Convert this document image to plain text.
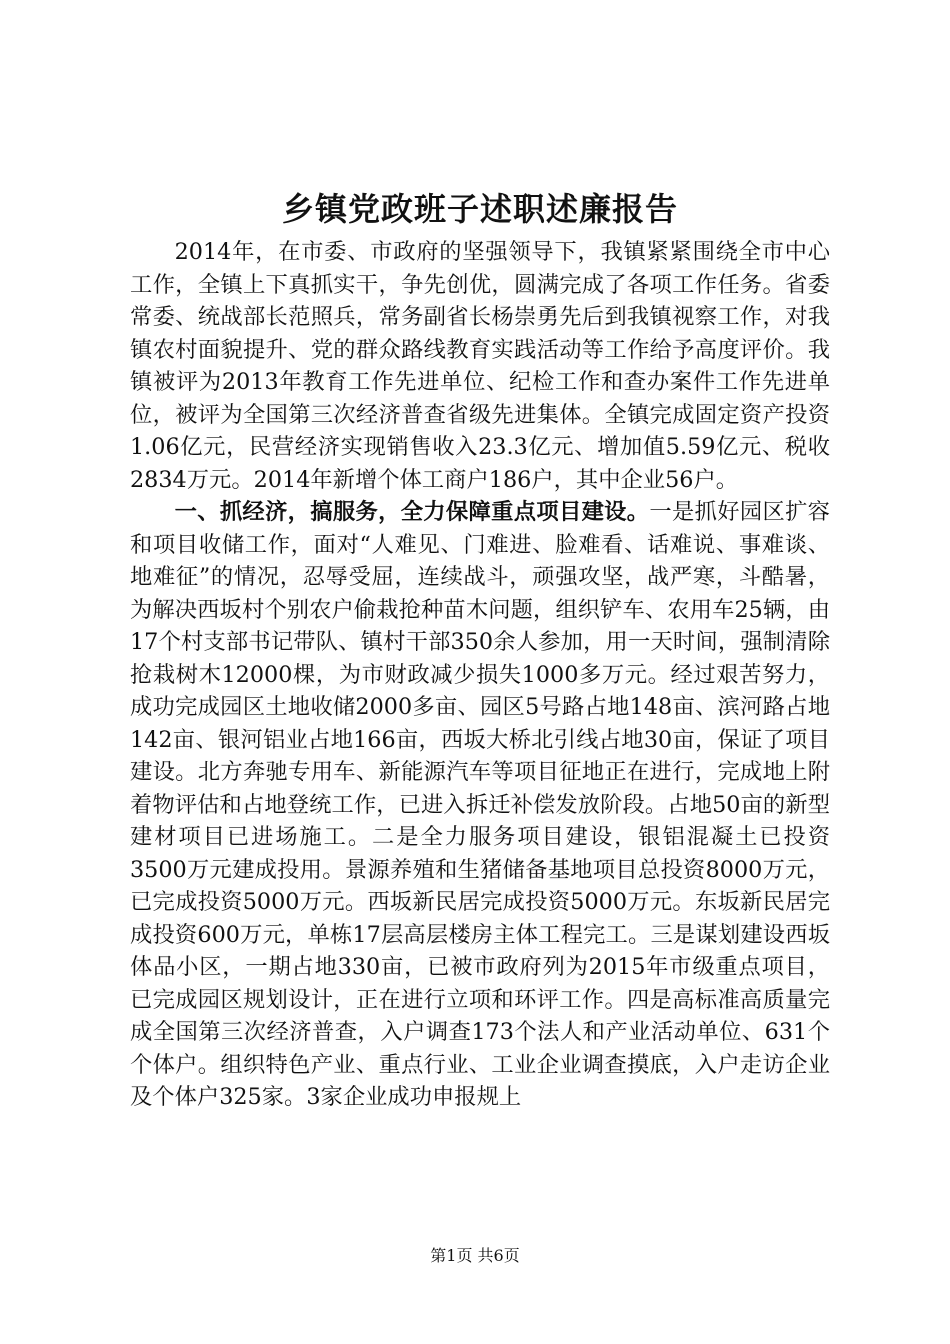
乡镇党政班子述职述廉报告

2014年，在市委、市政府的坚强领导下，我镇紧紧围绕全市中心工作，全镇上下真抓实干，争先创优，圆满完成了各项工作任务。省委常委、统战部长范照兵，常务副省长杨崇勇先后到我镇视察工作，对我镇农村面貌提升、党的群众路线教育实践活动等工作给予高度评价。我镇被评为2013年教育工作先进单位、纪检工作和查办案件工作先进单位，被评为全国第三次经济普查省级先进集体。全镇完成固定资产投资1.06亿元，民营经济实现销售收入23.3亿元、增加值5.59亿元、税收2834万元。2014年新增个体工商户186户，其中企业56户。

一、抓经济，搞服务，全力保障重点项目建设。一是抓好园区扩容和项目收储工作，面对“人难见、门难进、脸难看、话难说、事难谈、地难征”的情况，忍辱受屈，连续战斗，顽强攻坚，战严寒，斗酷暑，为解决西坂村个别农户偷栽抢种苗木问题，组织铲车、农用车25辆，由17个村支部书记带队、镇村干部350余人参加，用一天时间，强制清除抢栽树木12000棵，为市财政减少损失1000多万元。经过艰苦努力，成功完成园区土地收储2000多亩、园区5号路占地148亩、滨河路占地142亩、银河铝业占地166亩，西坂大桥北引线占地30亩，保证了项目建设。北方奔驰专用车、新能源汽车等项目征地正在进行，完成地上附着物评估和占地登统工作，已进入拆迁补偿发放阶段。占地50亩的新型建材项目已进场施工。二是全力服务项目建设，银铝混凝土已投资3500万元建成投用。景源养殖和生猪储备基地项目总投资8000万元，已完成投资5000万元。西坂新民居完成投资5000万元。东坂新民居完成投资600万元，单栋17层高层楼房主体工程完工。三是谋划建设西坂体品小区，一期占地330亩，已被市政府列为2015年市级重点项目，已完成园区规划设计，正在进行立项和环评工作。四是高标准高质量完成全国第三次经济普查，入户调查173个法人和产业活动单位、631个个体户。组织特色产业、重点行业、工业企业调查摸底，入户走访企业及个体户325家。3家企业成功申报规上

第1页 共6页
